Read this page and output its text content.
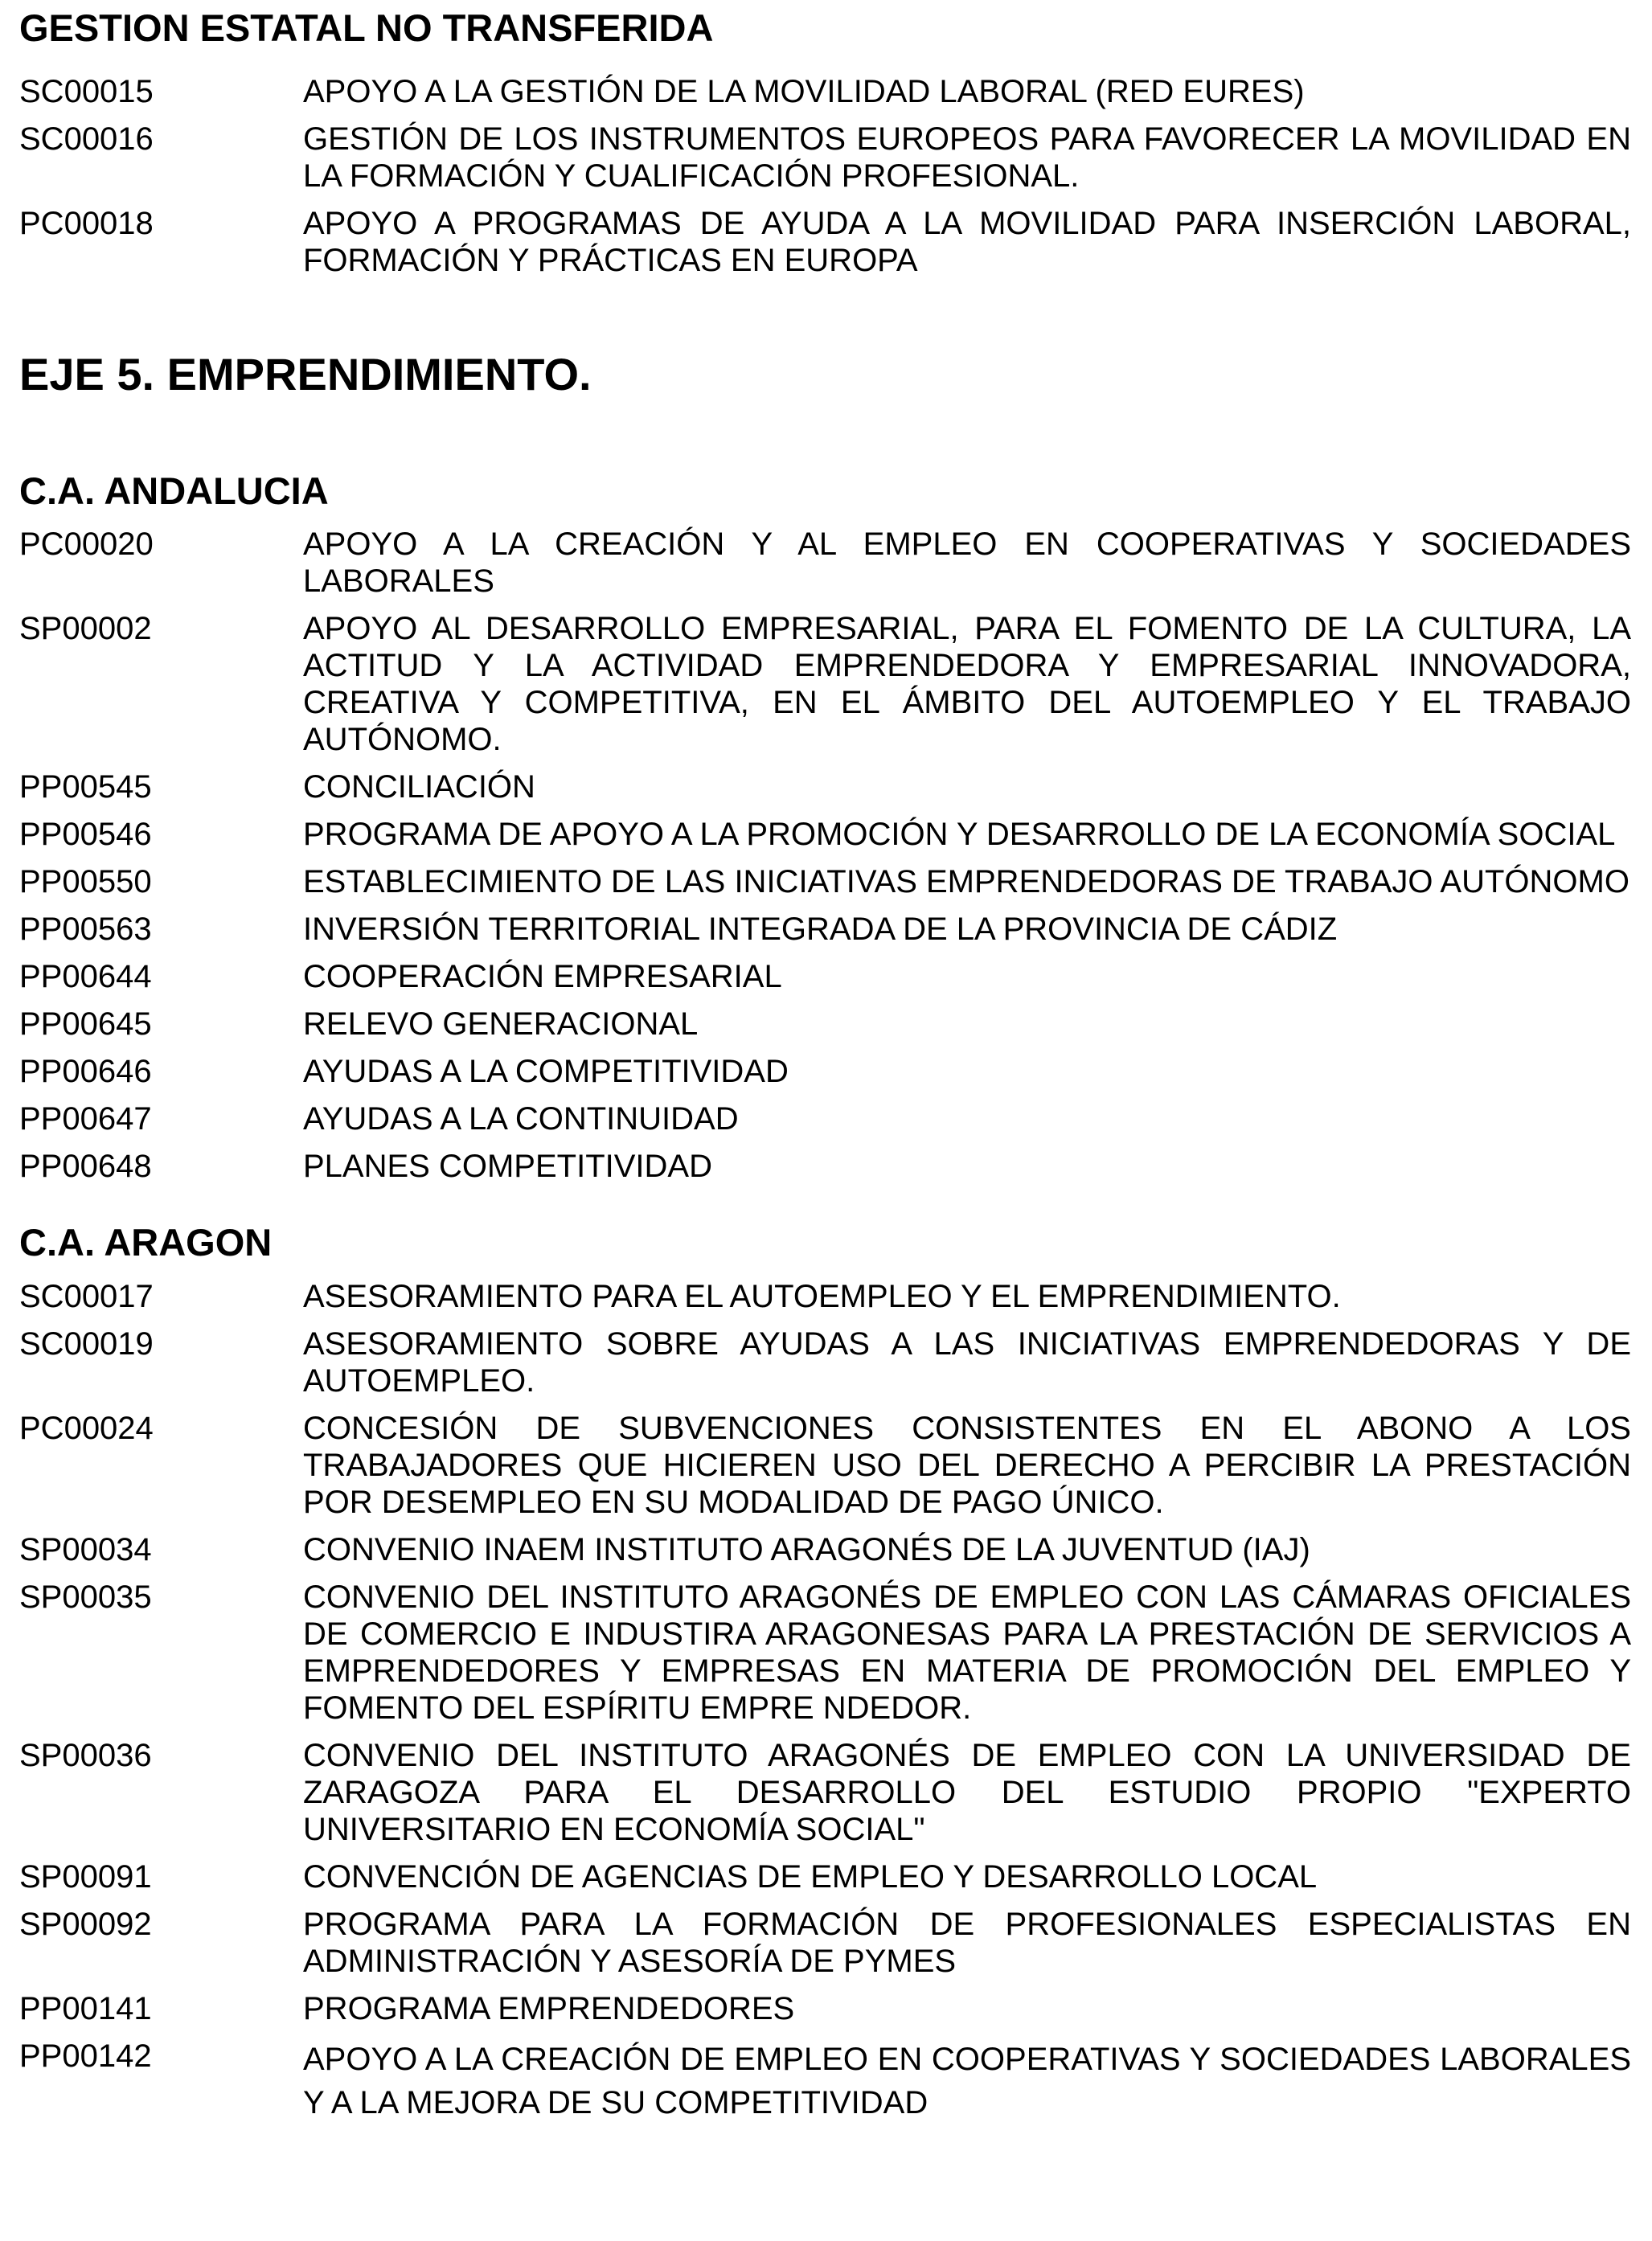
GESTION ESTATAL NO TRANSFERIDA
SC00015	APOYO A LA GESTIÓN DE LA MOVILIDAD LABORAL (RED EURES)
SC00016	GESTIÓN DE LOS INSTRUMENTOS EUROPEOS PARA FAVORECER LA MOVILIDAD EN LA FORMACIÓN Y CUALIFICACIÓN PROFESIONAL.
PC00018	APOYO A PROGRAMAS DE AYUDA A LA MOVILIDAD PARA INSERCIÓN LABORAL, FORMACIÓN Y PRÁCTICAS EN EUROPA
EJE 5. EMPRENDIMIENTO.
C.A. ANDALUCIA
PC00020	APOYO A LA CREACIÓN Y AL EMPLEO EN COOPERATIVAS Y SOCIEDADES LABORALES
SP00002	APOYO AL DESARROLLO EMPRESARIAL, PARA EL FOMENTO DE LA CULTURA, LA ACTITUD Y LA ACTIVIDAD EMPRENDEDORA Y EMPRESARIAL INNOVADORA, CREATIVA Y COMPETITIVA, EN EL ÁMBITO DEL AUTOEMPLEO Y EL TRABAJO AUTÓNOMO.
PP00545	CONCILIACIÓN
PP00546	PROGRAMA DE APOYO A LA PROMOCIÓN Y DESARROLLO DE LA ECONOMÍA SOCIAL
PP00550	ESTABLECIMIENTO DE LAS INICIATIVAS EMPRENDEDORAS DE TRABAJO AUTÓNOMO
PP00563	INVERSIÓN TERRITORIAL INTEGRADA DE LA PROVINCIA DE CÁDIZ
PP00644	COOPERACIÓN EMPRESARIAL
PP00645	RELEVO GENERACIONAL
PP00646	AYUDAS A LA COMPETITIVIDAD
PP00647	AYUDAS A LA CONTINUIDAD
PP00648	PLANES COMPETITIVIDAD
C.A. ARAGON
SC00017	ASESORAMIENTO PARA EL AUTOEMPLEO Y EL EMPRENDIMIENTO.
SC00019	ASESORAMIENTO SOBRE AYUDAS A LAS INICIATIVAS EMPRENDEDORAS Y DE AUTOEMPLEO.
PC00024	CONCESIÓN DE SUBVENCIONES CONSISTENTES EN EL ABONO A LOS TRABAJADORES QUE HICIEREN USO DEL DERECHO A PERCIBIR LA PRESTACIÓN POR DESEMPLEO EN SU MODALIDAD DE PAGO ÚNICO.
SP00034	CONVENIO INAEM INSTITUTO ARAGONÉS DE LA JUVENTUD (IAJ)
SP00035	CONVENIO DEL INSTITUTO ARAGONÉS DE EMPLEO CON LAS CÁMARAS OFICIALES DE COMERCIO E INDUSTIRA ARAGONESAS PARA LA PRESTACIÓN DE SERVICIOS A EMPRENDEDORES Y EMPRESAS EN MATERIA DE PROMOCIÓN DEL EMPLEO Y FOMENTO DEL ESPÍRITU EMPRE NDEDOR.
SP00036	CONVENIO DEL INSTITUTO ARAGONÉS DE EMPLEO CON LA UNIVERSIDAD DE ZARAGOZA PARA EL DESARROLLO DEL ESTUDIO PROPIO "EXPERTO UNIVERSITARIO EN ECONOMÍA SOCIAL"
SP00091	CONVENCIÓN DE AGENCIAS DE EMPLEO Y DESARROLLO LOCAL
SP00092	PROGRAMA PARA LA FORMACIÓN DE PROFESIONALES ESPECIALISTAS EN ADMINISTRACIÓN Y ASESORÍA DE PYMES
PP00141	PROGRAMA EMPRENDEDORES
PP00142	APOYO A LA CREACIÓN DE EMPLEO EN COOPERATIVAS Y SOCIEDADES LABORALES Y A LA MEJORA DE SU COMPETITIVIDAD
